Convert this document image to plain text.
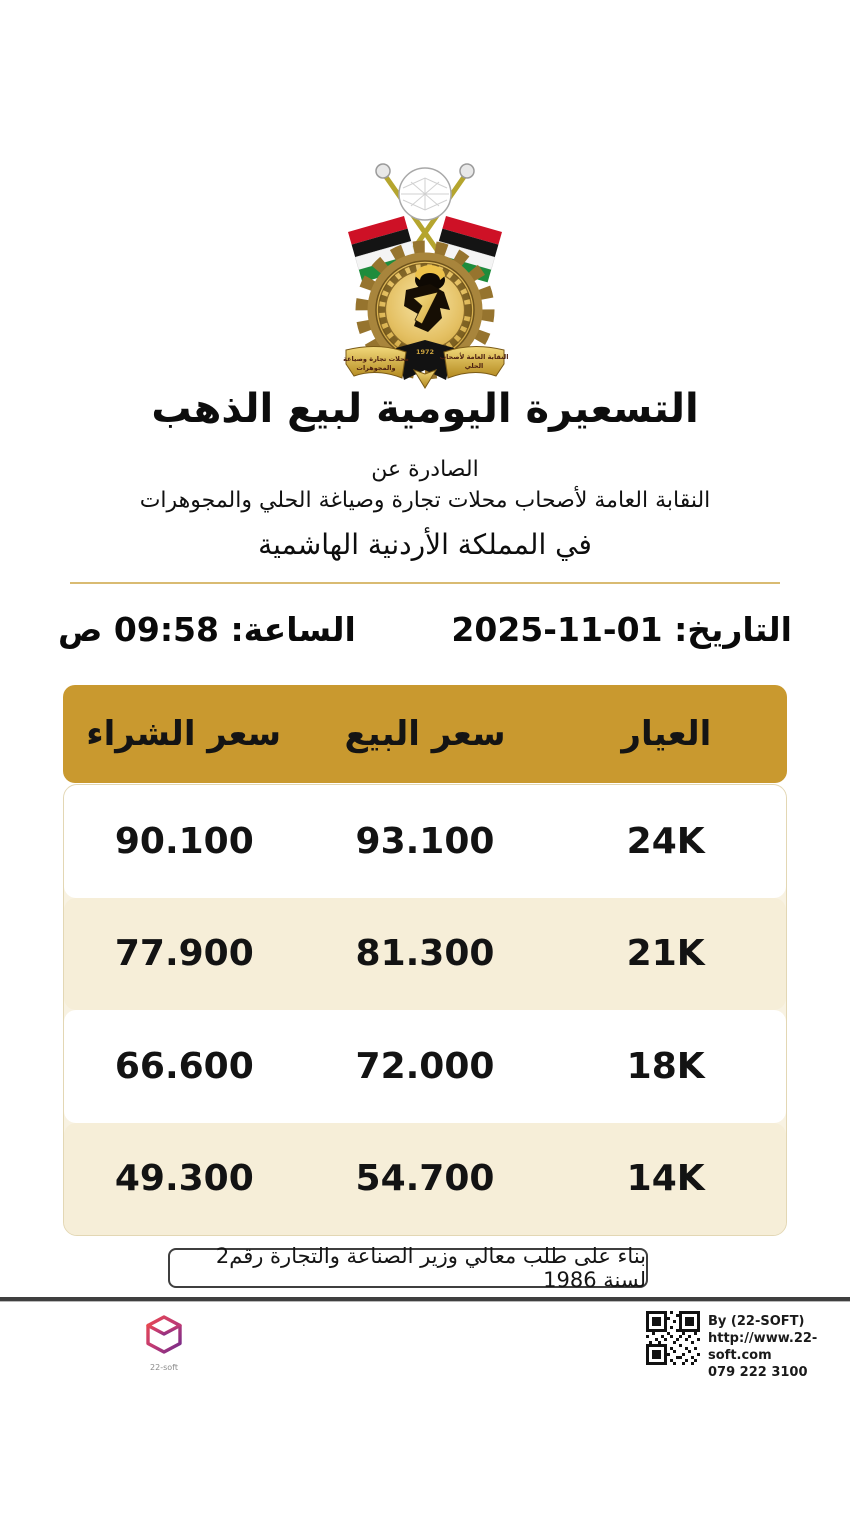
1972
محلات تجارة وصياغة
والمجوهرات
النقابة العامة لأصحاب
الحلي
التسعيرة اليومية لبيع الذهب
الصادرة عن
النقابة العامة لأصحاب محلات تجارة وصياغة الحلي والمجوهرات
في المملكة الأردنية الهاشمية
التاريخ: 01-11-2025
الساعة: 09:58 ص
العيار
سعر البيع
سعر الشراء
24K
93.100
90.100
21K
81.300
77.900
18K
72.000
66.600
14K
54.700
49.300
بناء على طلب معالي وزير الصناعة والتجارة رقم2 لسنة 1986
22-soft
By (22-SOFT)
http://www.22-soft.com
079 222 3100
